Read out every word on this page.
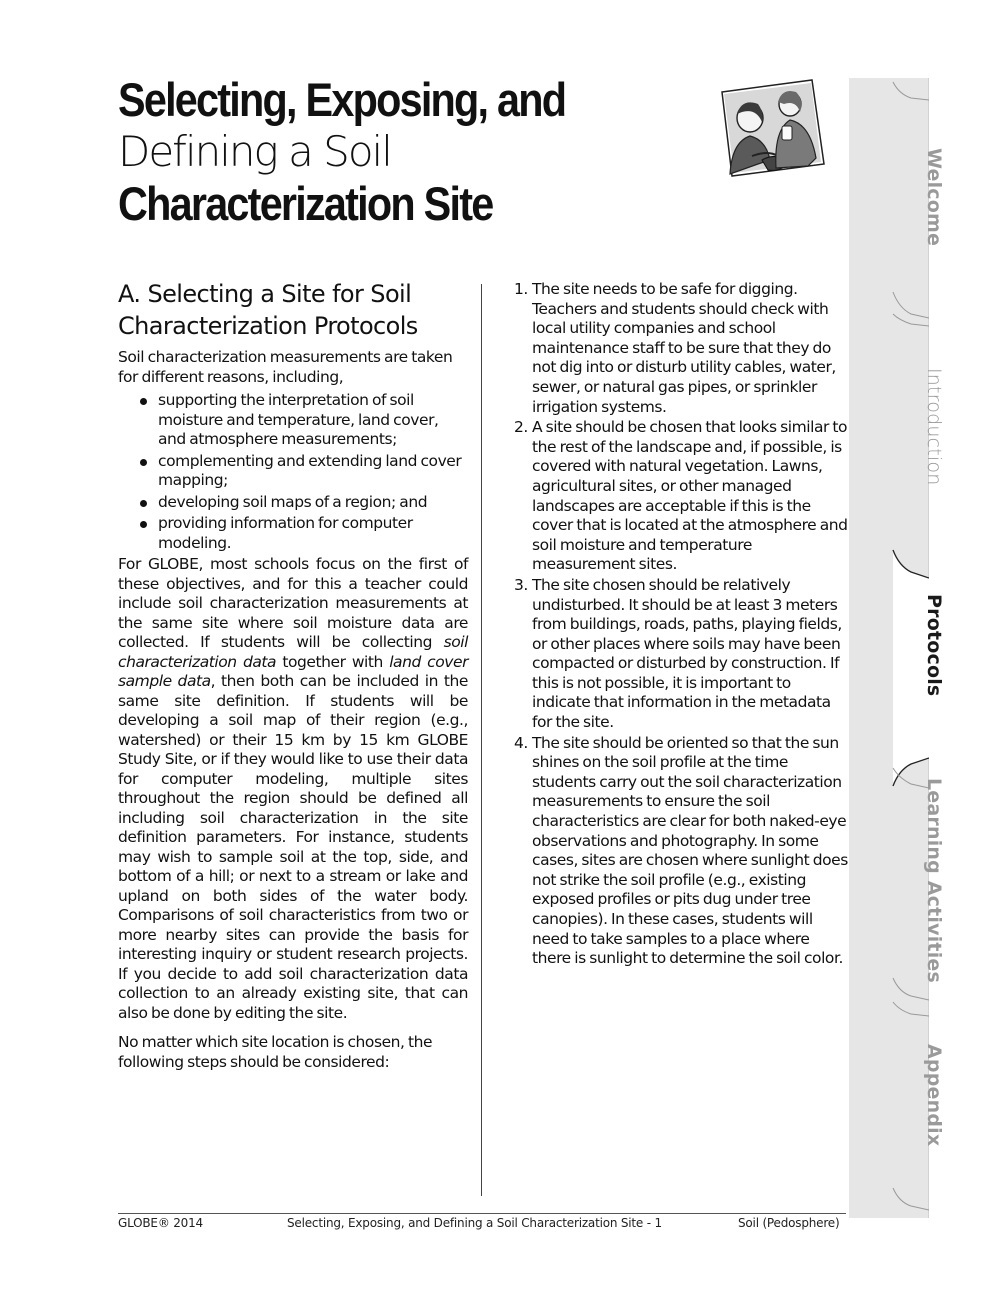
Selecting, Exposing, and
Defining a Soil
Characterization Site
A. Selecting a Site for Soil
Characterization Protocols

Soil characterization measurements are taken for different reasons, including,

supporting the interpretation of soil moisture and temperature, land cover, and atmosphere measurements;
complementing and extending land cover mapping;
developing soil maps of a region; and
providing information for computer modeling.

For GLOBE, most schools focus on the first of these objectives, and for this a teacher could include soil characterization measurements at the same site where soil moisture data are collected. If students will be collecting soil characterization data together with land cover sample data, then both can be included in the same site definition. If students will be developing a soil map of their region (e.g., watershed) or their 15 km by 15 km GLOBE Study Site, or if they would like to use their data for computer modeling, multiple sites throughout the region should be defined all including soil characterization in the site definition parameters. For instance, students may wish to sample soil at the top, side, and bottom of a hill; or next to a stream or lake and upland on both sides of the water body. Comparisons of soil characteristics from two or more nearby sites can provide the basis for interesting inquiry or student research projects. If you decide to add soil characterization data collection to an already existing site, that can also be done by editing the site.

No matter which site location is chosen, the following steps should be considered:

1. The site needs to be safe for digging. Teachers and students should check with local utility companies and school maintenance staff to be sure that they do not dig into or disturb utility cables, water, sewer, or natural gas pipes, or sprinkler irrigation systems.
2. A site should be chosen that looks similar to the rest of the landscape and, if possible, is covered with natural vegetation. Lawns, agricultural sites, or other managed landscapes are acceptable if this is the cover that is located at the atmosphere and soil moisture and temperature measurement sites.
3. The site chosen should be relatively undisturbed. It should be at least 3 meters from buildings, roads, paths, playing fields, or other places where soils may have been compacted or disturbed by construction. If this is not possible, it is important to indicate that information in the metadata for the site.
4. The site should be oriented so that the sun shines on the soil profile at the time students carry out the soil characterization measurements to ensure the soil characteristics are clear for both naked-eye observations and photography. In some cases, sites are chosen where sunlight does not strike the soil profile (e.g., existing exposed profiles or pits dug under tree canopies). In these cases, students will need to take samples to a place where there is sunlight to determine the soil color.
GLOBE® 2014	Selecting, Exposing, and Defining a Soil Characterization Site - 1	Soil (Pedosphere)
Welcome
Introduction
Protocols
Learning Activities
Appendix
